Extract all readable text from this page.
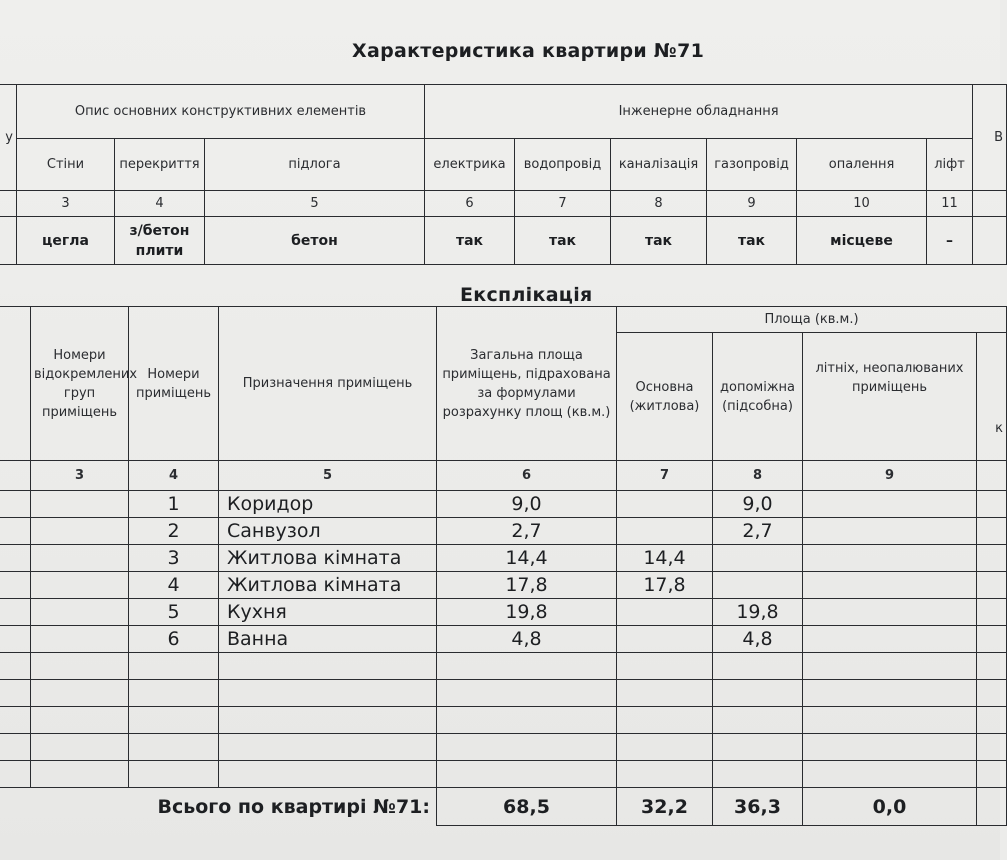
Характеристика квартири №71
у	Опис основних конструктивних елементів			Інженерне обладнання						В
	Стіни	перекриття	підлога	електрика	водопровід	каналізація	газопровід	опалення	ліфт	
	3	4	5	6	7	8	9	10	11	
	цегла	з/бетон плити	бетон	так	так	так	так	місцеве	–	
Експлікація
	Номери відокремлених груп приміщень	Номери приміщень	Призначення приміщень	Загальна площа приміщень, підрахована за формулами розрахунку площ (кв.м.)	Площа (кв.м.)			
					Основна (житлова)	допоміжна (підсобна)	літніх, неопалюваних приміщень	к
	3	4	5	6	7	8	9	
		1	Коридор	9,0		9,0		
		2	Санвузол	2,7		2,7		
		3	Житлова кімната	14,4	14,4			
		4	Житлова кімната	17,8	17,8			
		5	Кухня	19,8		19,8		
		6	Ванна	4,8		4,8		

	Всього по квартирі №71:			68,5	32,2	36,3	0,0	
